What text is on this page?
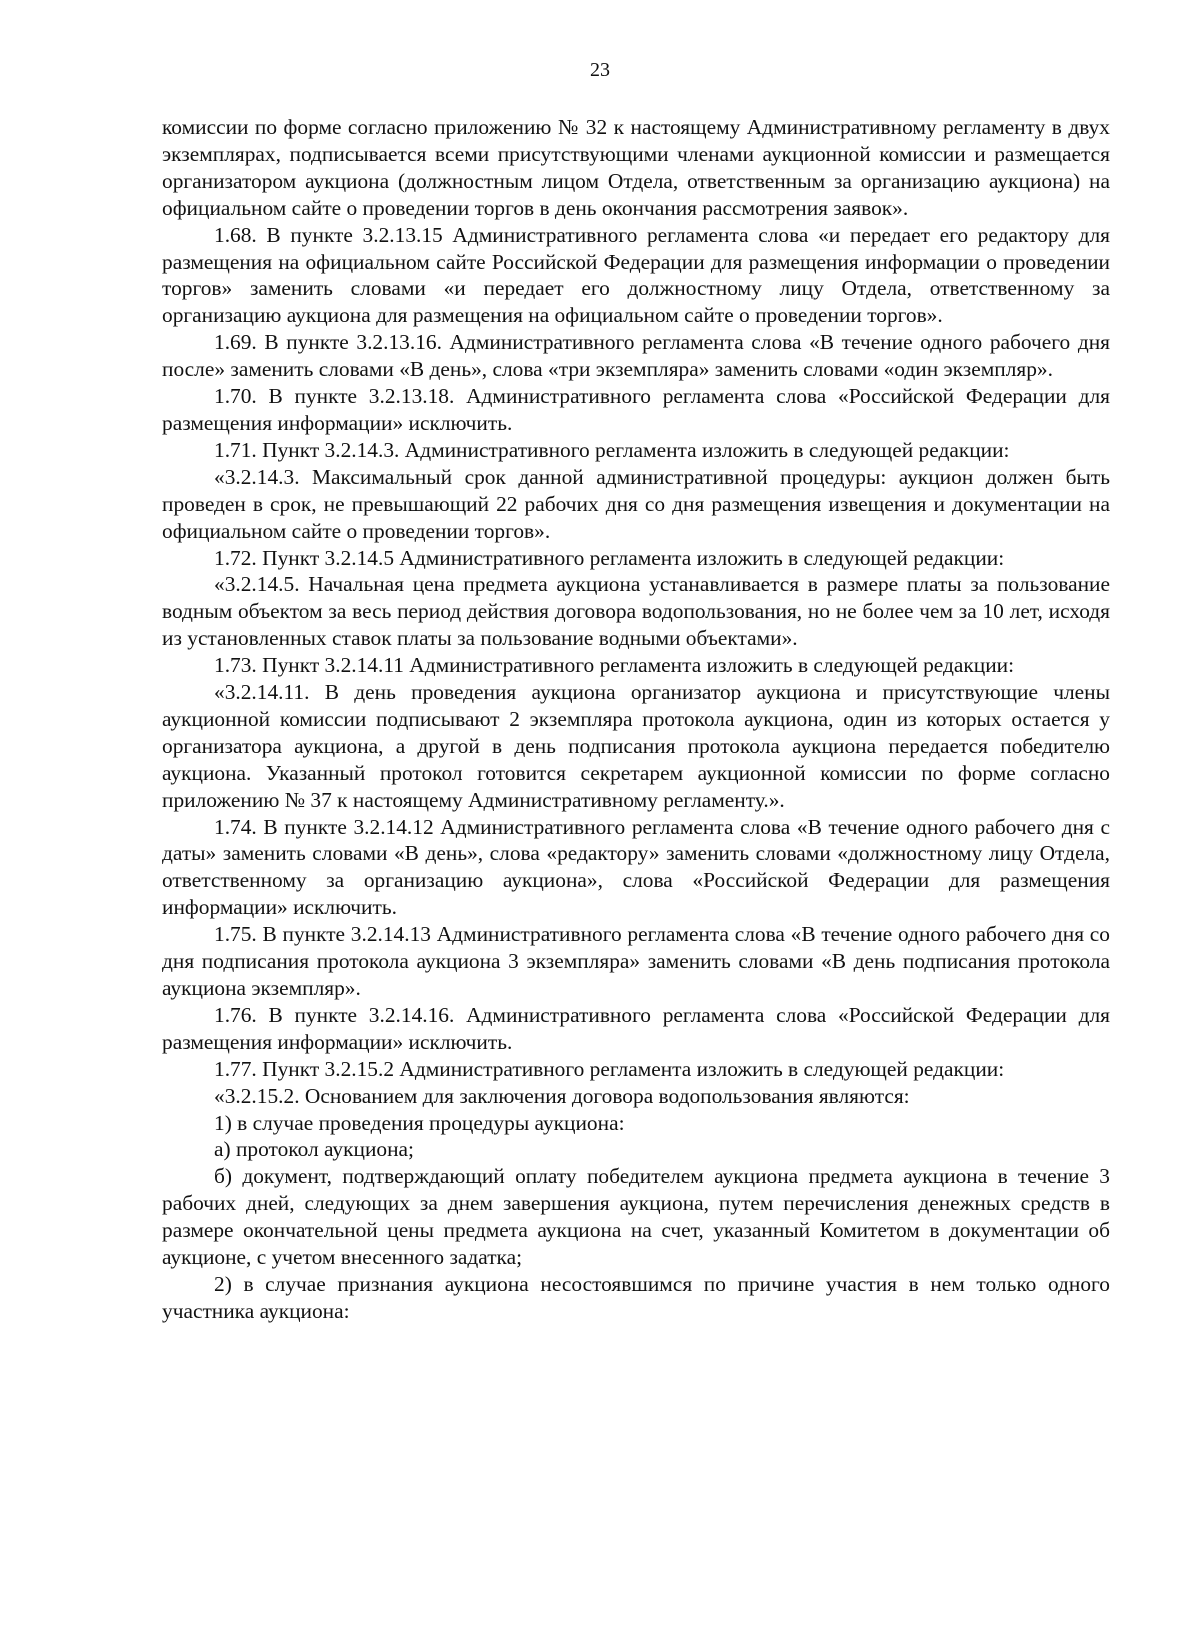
23

комиссии по форме согласно приложению № 32 к настоящему Административному регламенту в двух экземплярах, подписывается всеми присутствующими членами аукционной комиссии и размещается организатором аукциона (должностным лицом Отдела, ответственным за организацию аукциона) на официальном сайте о проведении торгов в день окончания рассмотрения заявок».

1.68. В пункте 3.2.13.15 Административного регламента слова «и передает его редактору для размещения на официальном сайте Российской Федерации для размещения информации о проведении торгов» заменить словами «и передает его должностному лицу Отдела, ответственному за организацию аукциона для размещения на официальном сайте о проведении торгов».

1.69. В пункте 3.2.13.16. Административного регламента слова «В течение одного рабочего дня после» заменить словами «В день», слова «три экземпляра» заменить словами «один экземпляр».

1.70. В пункте 3.2.13.18. Административного регламента слова «Российской Федерации для размещения информации» исключить.

1.71. Пункт 3.2.14.3. Административного регламента изложить в следующей редакции:

«3.2.14.3. Максимальный срок данной административной процедуры: аукцион должен быть проведен в срок, не превышающий 22 рабочих дня со дня размещения извещения и документации на официальном сайте о проведении торгов».

1.72. Пункт 3.2.14.5 Административного регламента изложить в следующей редакции:

«3.2.14.5. Начальная цена предмета аукциона устанавливается в размере платы за пользование водным объектом за весь период действия договора водопользования, но не более чем за 10 лет, исходя из установленных ставок платы за пользование водными объектами».

1.73. Пункт 3.2.14.11 Административного регламента изложить в следующей редакции:

«3.2.14.11. В день проведения аукциона организатор аукциона и присутствующие члены аукционной комиссии подписывают 2 экземпляра протокола аукциона, один из которых остается у организатора аукциона, а другой в день подписания протокола аукциона передается победителю аукциона. Указанный протокол готовится секретарем аукционной комиссии по форме согласно приложению № 37 к настоящему Административному регламенту.».

1.74. В пункте 3.2.14.12 Административного регламента слова «В течение одного рабочего дня с даты» заменить словами «В день», слова «редактору» заменить словами «должностному лицу Отдела, ответственному за организацию аукциона», слова «Российской Федерации для размещения информации» исключить.

1.75. В пункте 3.2.14.13 Административного регламента слова «В течение одного рабочего дня со дня подписания протокола аукциона 3 экземпляра» заменить словами «В день подписания протокола аукциона экземпляр».

1.76. В пункте 3.2.14.16. Административного регламента слова «Российской Федерации для размещения информации» исключить.

1.77. Пункт 3.2.15.2 Административного регламента изложить в следующей редакции:

«3.2.15.2. Основанием для заключения договора водопользования являются:

1) в случае проведения процедуры аукциона:

а) протокол аукциона;

б) документ, подтверждающий оплату победителем аукциона предмета аукциона в течение 3 рабочих дней, следующих за днем завершения аукциона, путем перечисления денежных средств в размере окончательной цены предмета аукциона на счет, указанный Комитетом в документации об аукционе, с учетом внесенного задатка;

2) в случае признания аукциона несостоявшимся по причине участия в нем только одного участника аукциона:
